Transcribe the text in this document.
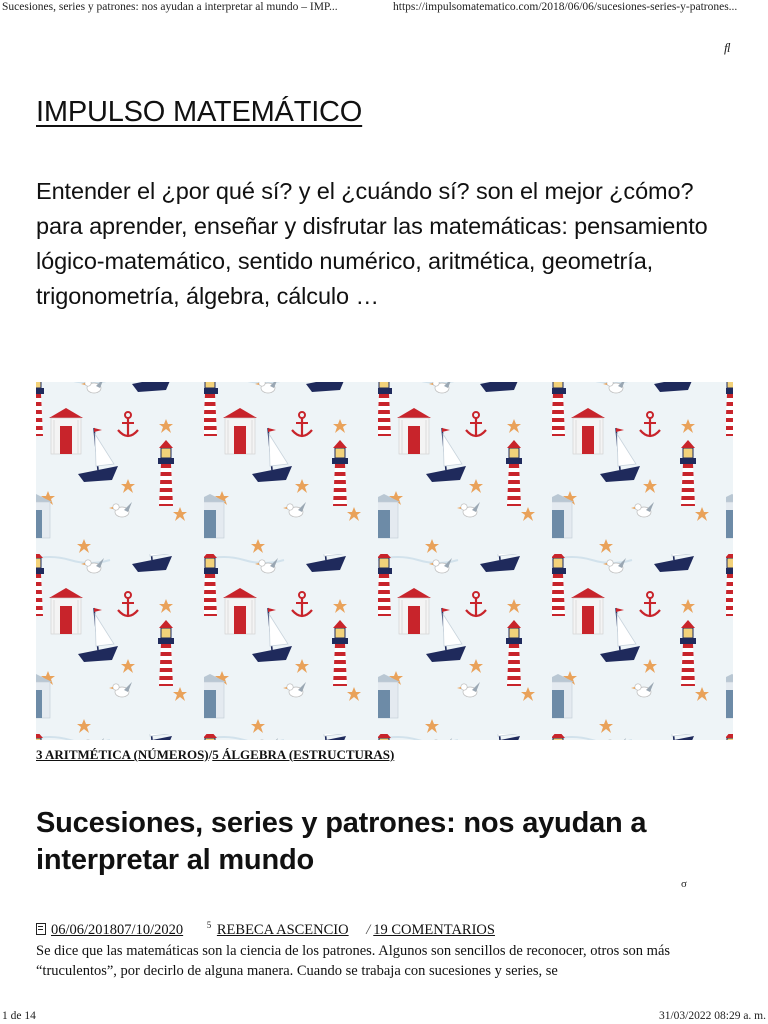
Sucesiones, series y patrones: nos ayudan a interpretar al mundo – IMP...	https://impulsomatematico.com/2018/06/06/sucesiones-series-y-patrones...
ﬂ
IMPULSO MATEMÁTICO

Entender el ¿por qué sí? y el ¿cuándo sí? son el mejor ¿cómo? para aprender, enseñar y disfrutar las matemáticas: pensamiento lógico-matemático, sentido numérico, aritmética, geometría, trigonometría, álgebra, cálculo …

3 ARITMÉTICA (NÚMEROS)/5 ÁLGEBRA (ESTRUCTURAS)
Sucesiones, series y patrones: nos ayudan a interpretar al mundo
σ
06/06/201807/10/2020	5 REBECA ASCENCIO / 19 COMENTARIOS

Se dice que las matemáticas son la ciencia de los patrones. Algunos son sencillos de reconocer, otros son más “truculentos”, por decirlo de alguna manera. Cuando se trabaja con sucesiones y series, se

1 de 14	31/03/2022 08:29 a. m.
